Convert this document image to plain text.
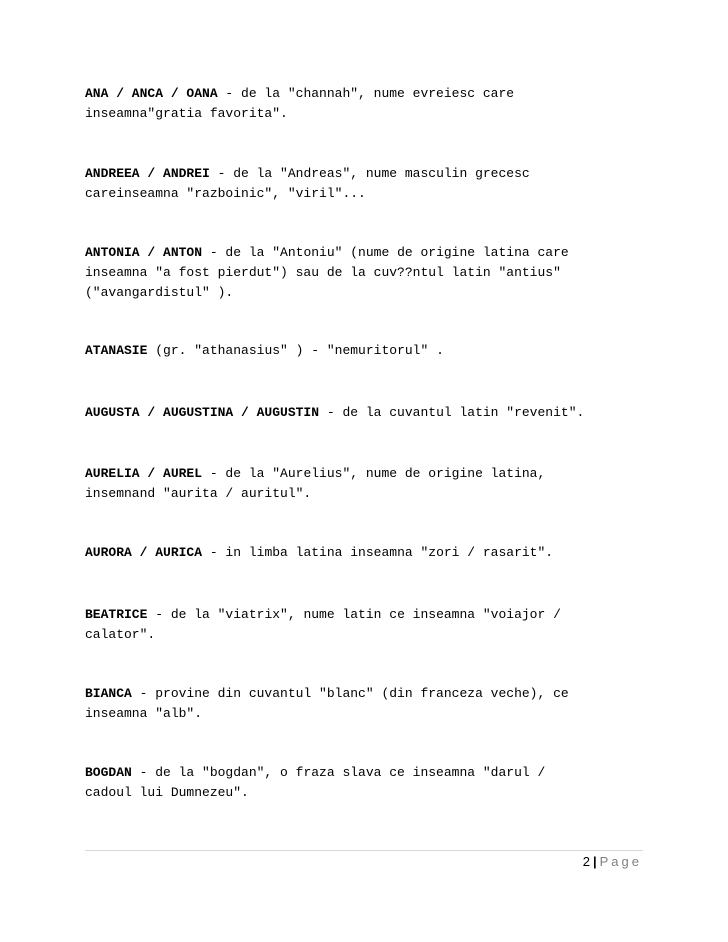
ANA / ANCA / OANA - de la "channah", nume evreiesc care
inseamna"gratia favorita".

ANDREEA / ANDREI - de la "Andreas", nume masculin grecesc
careinseamna "razboinic", "viril"...

ANTONIA / ANTON - de la "Antoniu" (nume de origine latina care
inseamna "a fost pierdut") sau de la cuv??ntul latin "antius"
("avangardistul" ).

ATANASIE (gr. "athanasius" ) - "nemuritorul" .

AUGUSTA / AUGUSTINA / AUGUSTIN - de la cuvantul latin "revenit".

AURELIA / AUREL - de la "Aurelius", nume de origine latina,
insemnand "aurita / auritul".

AURORA / AURICA - in limba latina inseamna "zori / rasarit".

BEATRICE - de la "viatrix", nume latin ce inseamna "voiajor /
calator".

BIANCA - provine din cuvantul "blanc" (din franceza veche), ce
inseamna "alb".

BOGDAN - de la "bogdan", o fraza slava ce inseamna "darul /
cadoul lui Dumnezeu".

2 | Page
